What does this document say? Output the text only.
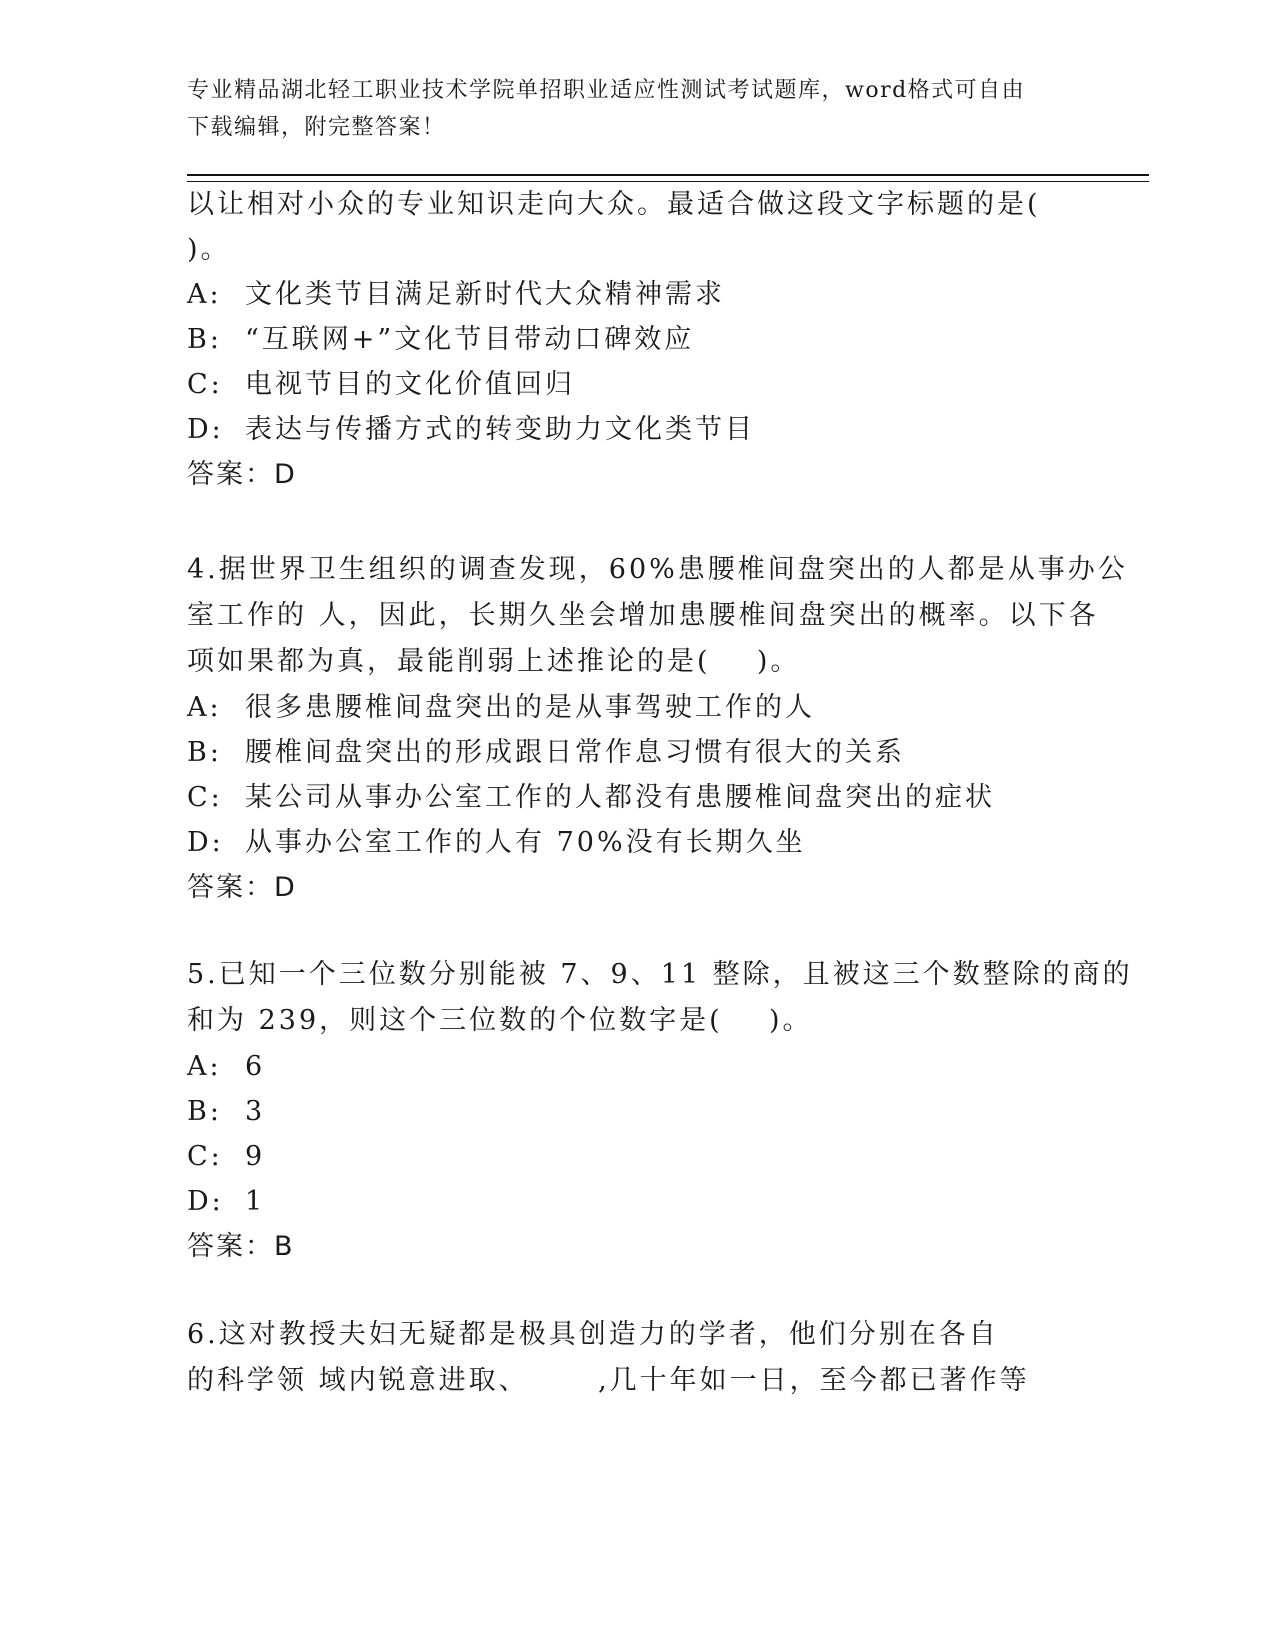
专业精品湖北轻工职业技术学院单招职业适应性测试考试题库，word格式可自由
下载编辑，附完整答案！
以让相对小众的专业知识走向大众。最适合做这段文字标题的是(
)。
A: 文化类节目满足新时代大众精神需求
B: “互联网+”文化节目带动口碑效应
C: 电视节目的文化价值回归
D: 表达与传播方式的转变助力文化类节目
答案：D
4.据世界卫生组织的调查发现，60%患腰椎间盘突出的人都是从事办公
室工作的 人，因此，长期久坐会增加患腰椎间盘突出的概率。以下各
项如果都为真，最能削弱上述推论的是(    )。
A: 很多患腰椎间盘突出的是从事驾驶工作的人
B: 腰椎间盘突出的形成跟日常作息习惯有很大的关系
C: 某公司从事办公室工作的人都没有患腰椎间盘突出的症状
D: 从事办公室工作的人有 70%没有长期久坐
答案：D
5.已知一个三位数分别能被 7、9、11 整除，且被这三个数整除的商的
和为 239，则这个三位数的个位数字是(    )。
A: 6
B: 3
C: 9
D: 1
答案：B
6.这对教授夫妇无疑都是极具创造力的学者，他们分别在各自
的科学领 域内锐意进取、      ,几十年如一日，至今都已著作等
